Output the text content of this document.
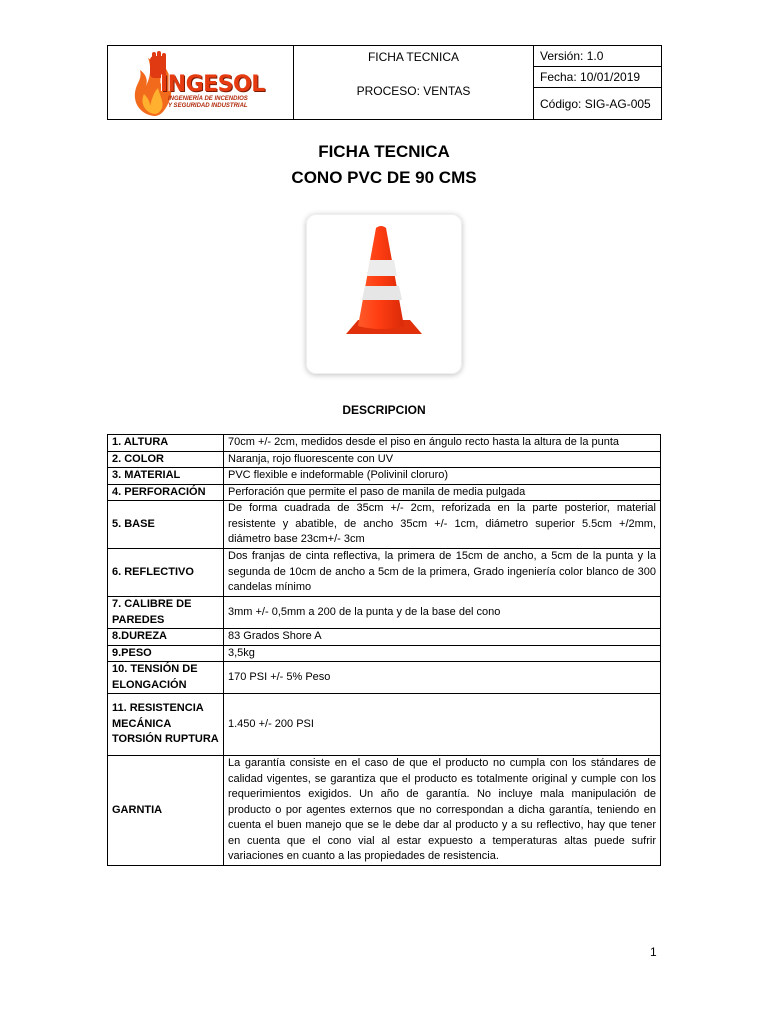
INGESOL
INGENIERÍA DE INCENDIOS
Y SEGURIDAD INDUSTRIAL

FICHA TECNICA
PROCESO: VENTAS
	Versión: 1.0
Fecha: 10/01/2019
Código: SIG-AG-005
FICHA TECNICA
CONO PVC DE 90 CMS
DESCRIPCION
1. ALTURA	70cm +/- 2cm, medidos desde el piso en ángulo recto hasta la altura de la punta
2. COLOR	Naranja, rojo fluorescente con UV
3. MATERIAL	PVC flexible e indeformable (Polivinil cloruro)
4. PERFORACIÓN	Perforación que permite el paso de manila de media pulgada
5. BASE	De forma cuadrada de 35cm +/- 2cm, reforizada en la parte posterior, material resistente y abatible, de ancho 35cm +/- 1cm, diámetro superior 5.5cm +/2mm, diámetro base 23cm+/- 3cm
6. REFLECTIVO	Dos franjas de cinta reflectiva, la primera de 15cm de ancho, a 5cm de la punta y la segunda de 10cm de ancho a 5cm de la primera, Grado ingeniería color blanco de 300 candelas mínimo
7. CALIBRE DE PAREDES	3mm +/- 0,5mm a 200 de la punta y de la base del cono
8.DUREZA	83 Grados Shore A
9.PESO	3,5kg
10. TENSIÓN DE ELONGACIÓN	170 PSI +/- 5% Peso
11. RESISTENCIA MECÁNICA TORSIÓN RUPTURA	1.450 +/- 200 PSI
GARNTIA	La garantía consiste en el caso de que el producto no cumpla con los stándares de calidad vigentes, se garantiza que el producto es totalmente original y cumple con los requerimientos exigidos. Un año de garantía. No incluye mala manipulación de producto o por agentes externos que no correspondan a dicha garantía, teniendo en cuenta el buen manejo que se le debe dar al producto y a su reflectivo, hay que tener en cuenta que el cono vial al estar expuesto a temperaturas altas puede sufrir variaciones en cuanto a las propiedades de resistencia.
1
